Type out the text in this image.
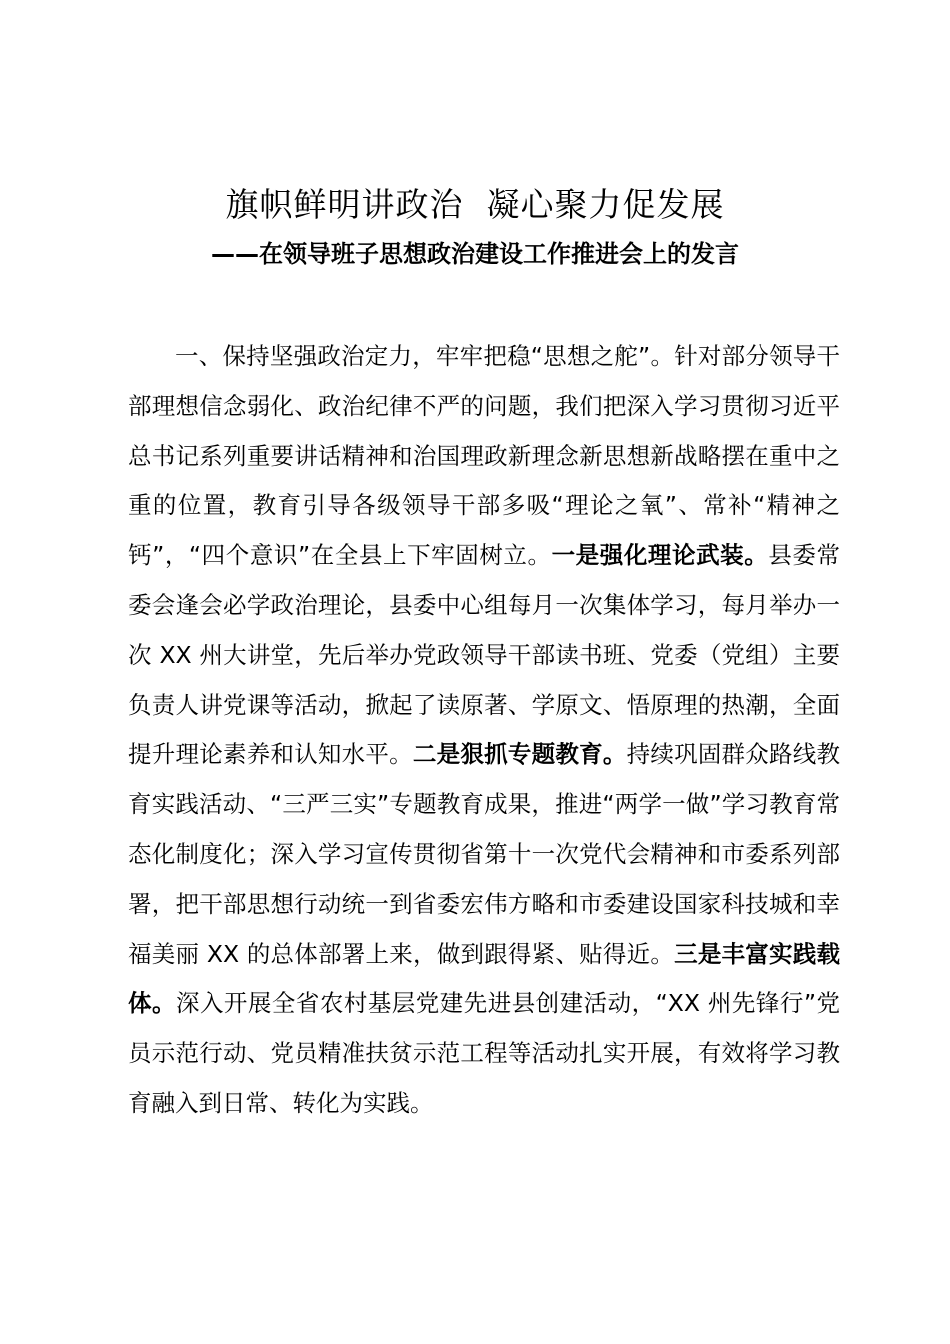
旗帜鲜明讲政治  凝心聚力促发展
——在领导班子思想政治建设工作推进会上的发言

一、保持坚强政治定力，牢牢把稳“思想之舵”。针对部分领导干部理想信念弱化、政治纪律不严的问题，我们把深入学习贯彻习近平总书记系列重要讲话精神和治国理政新理念新思想新战略摆在重中之重的位置，教育引导各级领导干部多吸“理论之氧”、常补“精神之钙”，“四个意识”在全县上下牢固树立。一是强化理论武装。县委常委会逢会必学政治理论，县委中心组每月一次集体学习，每月举办一次 XX 州大讲堂，先后举办党政领导干部读书班、党委（党组）主要负责人讲党课等活动，掀起了读原著、学原文、悟原理的热潮，全面提升理论素养和认知水平。二是狠抓专题教育。持续巩固群众路线教育实践活动、“三严三实”专题教育成果，推进“两学一做”学习教育常态化制度化；深入学习宣传贯彻省第十一次党代会精神和市委系列部署，把干部思想行动统一到省委宏伟方略和市委建设国家科技城和幸福美丽 XX 的总体部署上来，做到跟得紧、贴得近。三是丰富实践载体。深入开展全省农村基层党建先进县创建活动，“XX 州先锋行”党员示范行动、党员精准扶贫示范工程等活动扎实开展，有效将学习教育融入到日常、转化为实践。
